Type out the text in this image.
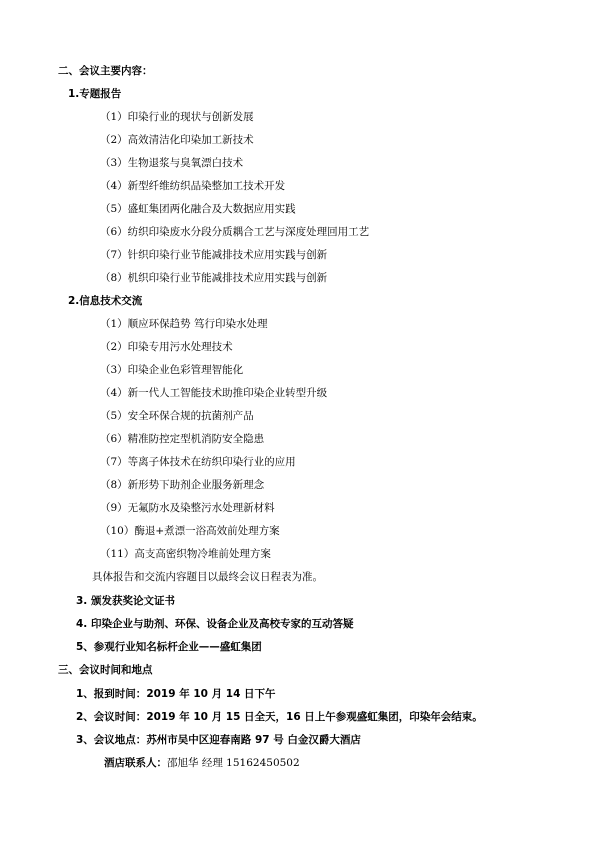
二、会议主要内容：
1.专题报告
（1）印染行业的现状与创新发展
（2）高效清洁化印染加工新技术
（3）生物退浆与臭氧漂白技术
（4）新型纤维纺织品染整加工技术开发
（5）盛虹集团两化融合及大数据应用实践
（6）纺织印染废水分段分质耦合工艺与深度处理回用工艺
（7）针织印染行业节能减排技术应用实践与创新
（8）机织印染行业节能减排技术应用实践与创新
2.信息技术交流
（1）顺应环保趋势 笃行印染水处理
（2）印染专用污水处理技术
（3）印染企业色彩管理智能化
（4）新一代人工智能技术助推印染企业转型升级
（5）安全环保合规的抗菌剂产品
（6）精准防控定型机消防安全隐患
（7）等离子体技术在纺织印染行业的应用
（8）新形势下助剂企业服务新理念
（9）无氟防水及染整污水处理新材料
（10）酶退+煮漂一浴高效前处理方案
（11）高支高密织物冷堆前处理方案
具体报告和交流内容题目以最终会议日程表为准。
3. 颁发获奖论文证书
4. 印染企业与助剂、环保、设备企业及高校专家的互动答疑
5、参观行业知名标杆企业——盛虹集团
三、会议时间和地点
1、报到时间：2019 年 10 月 14 日下午
2、会议时间：2019 年 10 月 15 日全天，16 日上午参观盛虹集团，印染年会结束。
3、会议地点：苏州市吴中区迎春南路 97 号 白金汉爵大酒店
酒店联系人：邵旭华 经理 15162450502
